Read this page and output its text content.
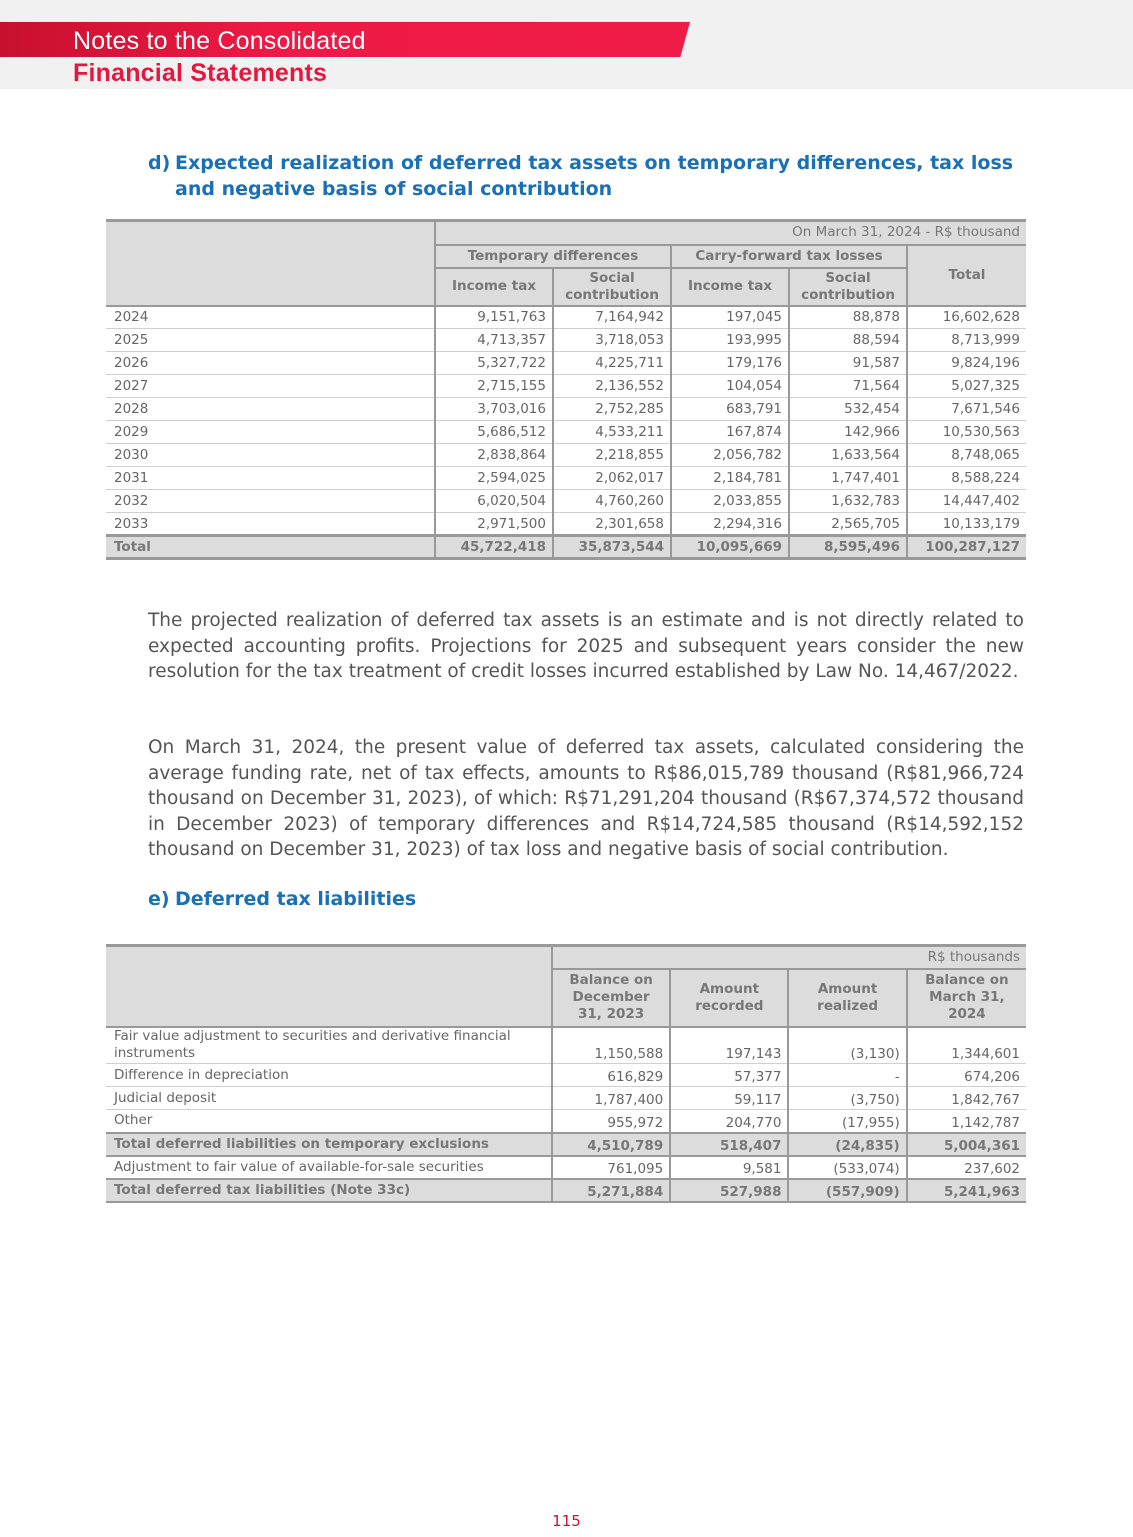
Notes to the Consolidated
Financial Statements
d) Expected realization of deferred tax assets on temporary differences, tax loss
and negative basis of social contribution
	On March 31, 2024 - R$ thousand				
	Temporary differences		Carry-forward tax losses		Total
	Income tax	Social contribution	Income tax	Social contribution	
2024	9,151,763	7,164,942	197,045	88,878	16,602,628
2025	4,713,357	3,718,053	193,995	88,594	8,713,999
2026	5,327,722	4,225,711	179,176	91,587	9,824,196
2027	2,715,155	2,136,552	104,054	71,564	5,027,325
2028	3,703,016	2,752,285	683,791	532,454	7,671,546
2029	5,686,512	4,533,211	167,874	142,966	10,530,563
2030	2,838,864	2,218,855	2,056,782	1,633,564	8,748,065
2031	2,594,025	2,062,017	2,184,781	1,747,401	8,588,224
2032	6,020,504	4,760,260	2,033,855	1,632,783	14,447,402
2033	2,971,500	2,301,658	2,294,316	2,565,705	10,133,179
Total	45,722,418	35,873,544	10,095,669	8,595,496	100,287,127
The projected realization of deferred tax assets is an estimate and is not directly related to expected accounting profits. Projections for 2025 and subsequent years consider the new resolution for the tax treatment of credit losses incurred established by Law No. 14,467/2022.
On March 31, 2024, the present value of deferred tax assets, calculated considering the average funding rate, net of tax effects, amounts to R$86,015,789 thousand (R$81,966,724 thousand on December 31, 2023), of which: R$71,291,204 thousand (R$67,374,572 thousand in December 2023) of temporary differences and R$14,724,585 thousand (R$14,592,152 thousand on December 31, 2023) of tax loss and negative basis of social contribution.
e) Deferred tax liabilities
	R$ thousands			
	Balance on December 31, 2023	Amount recorded	Amount realized	Balance on March 31, 2024
Fair value adjustment to securities and derivative financial instruments	1,150,588	197,143	(3,130)	1,344,601
Difference in depreciation	616,829	57,377	-	674,206
Judicial deposit	1,787,400	59,117	(3,750)	1,842,767
Other	955,972	204,770	(17,955)	1,142,787
Total deferred liabilities on temporary exclusions	4,510,789	518,407	(24,835)	5,004,361
Adjustment to fair value of available-for-sale securities	761,095	9,581	(533,074)	237,602
Total deferred tax liabilities (Note 33c)	5,271,884	527,988	(557,909)	5,241,963
115
